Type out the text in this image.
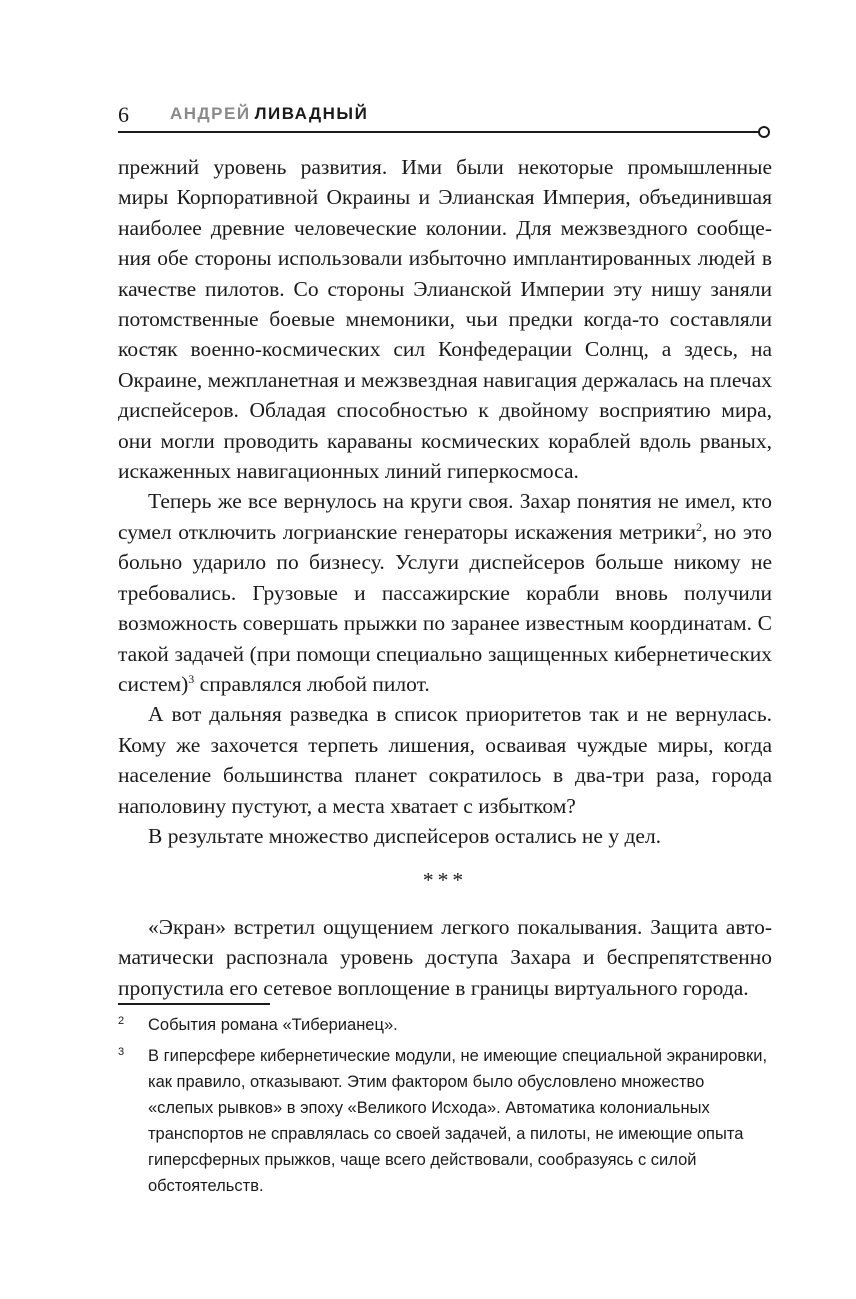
6 АНДРЕЙ ЛИВАДНЫЙ

прежний уровень развития. Ими были некоторые промышленные миры Корпоративной Окраины и Элианская Империя, объединившая наиболее древние человеческие колонии. Для межзвездного сообщения обе стороны использовали избыточно имплантированных людей в качестве пилотов. Со стороны Элианской Империи эту нишу заняли потомственные боевые мнемоники, чьи предки когда-то составляли костяк военно-космических сил Конфедерации Солнц, а здесь, на Окраине, межпланетная и межзвездная навигация держалась на плечах диспейсеров. Обладая способностью к двойному восприятию мира, они могли проводить караваны космических кораблей вдоль рваных, искаженных навигационных линий гиперкосмоса.

Теперь же все вернулось на круги своя. Захар понятия не имел, кто сумел отключить логрианские генераторы искажения метрики$^2$, но это больно ударило по бизнесу. Услуги диспейсеров больше никому не требовались. Грузовые и пассажирские корабли вновь получили возможность совершать прыжки по заранее известным координатам. С такой задачей (при помощи специально защищенных кибернетических систем)$^3$ справлялся любой пилот.

А вот дальняя разведка в список приоритетов так и не вернулась. Кому же захочется терпеть лишения, осваивая чуждые миры, когда население большинства планет сократилось в два-три раза, города наполовину пустуют, а места хватает с избытком?

В результате множество диспейсеров остались не у дел.

***

«Экран» встретил ощущением легкого покалывания. Защита автоматически распознала уровень доступа Захара и беспрепятственно пропустила его сетевое воплощение в границы виртуального города.

2 События романа «Тиберианец».
3 В гиперсфере кибернетические модули, не имеющие специальной экранировки, как правило, отказывают. Этим фактором было обусловлено множество «слепых рывков» в эпоху «Великого Исхода». Автоматика колониальных транспортов не справлялась со своей задачей, а пилоты, не имеющие опыта гиперсферных прыжков, чаще всего действовали, сообразуясь с силой обстоятельств.
